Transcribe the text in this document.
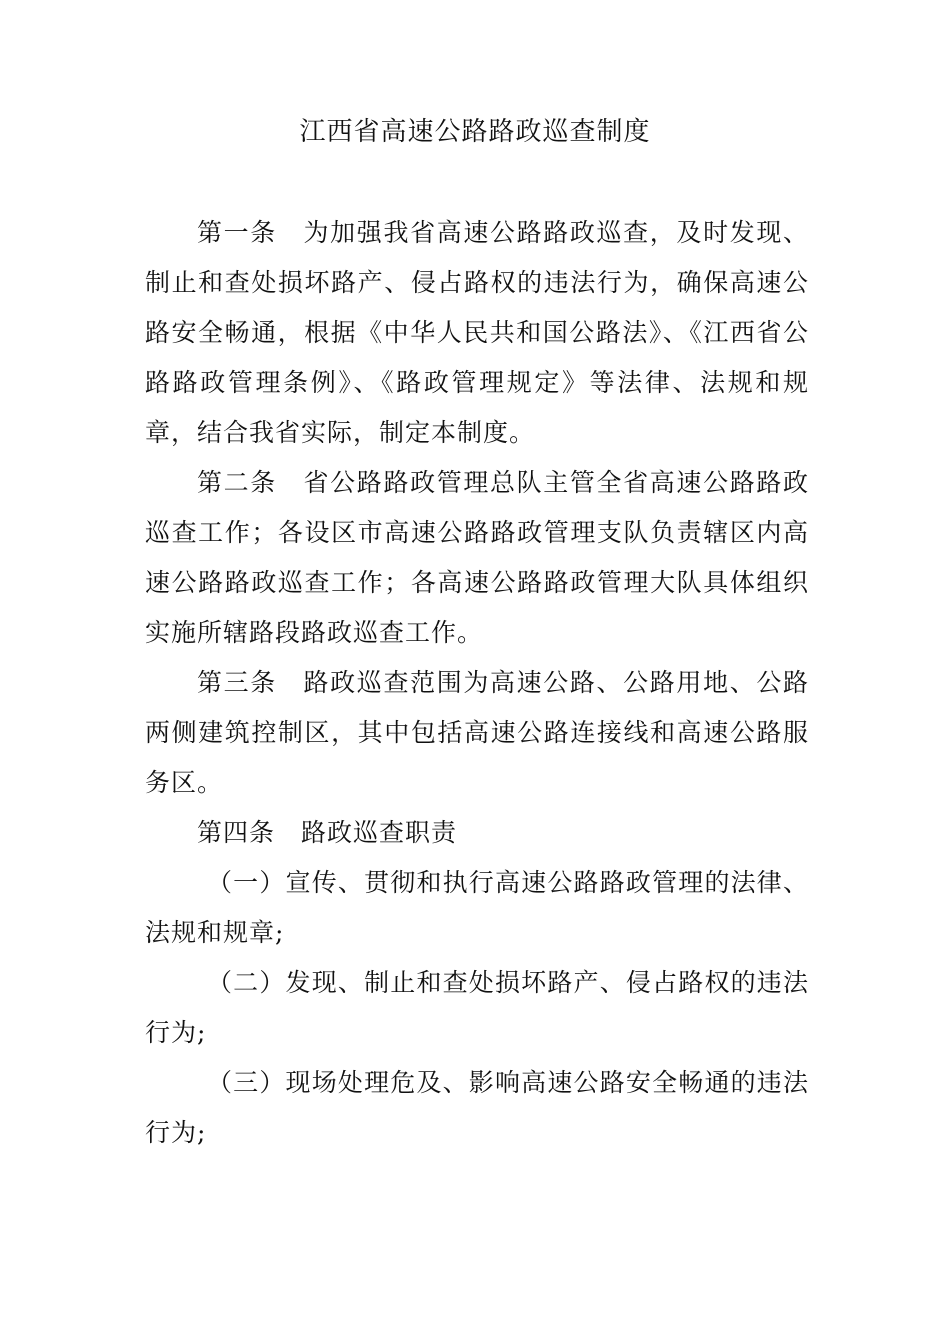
江西省高速公路路政巡查制度

第一条 为加强我省高速公路路政巡查，及时发现、制止和查处损坏路产、侵占路权的违法行为，确保高速公路安全畅通，根据《中华人民共和国公路法》、《江西省公路路政管理条例》、《路政管理规定》等法律、法规和规章，结合我省实际，制定本制度。

第二条 省公路路政管理总队主管全省高速公路路政巡查工作；各设区市高速公路路政管理支队负责辖区内高速公路路政巡查工作；各高速公路路政管理大队具体组织实施所辖路段路政巡查工作。

第三条 路政巡查范围为高速公路、公路用地、公路两侧建筑控制区，其中包括高速公路连接线和高速公路服务区。

第四条 路政巡查职责

（一）宣传、贯彻和执行高速公路路政管理的法律、法规和规章;

（二）发现、制止和查处损坏路产、侵占路权的违法行为;

（三）现场处理危及、影响高速公路安全畅通的违法行为;
